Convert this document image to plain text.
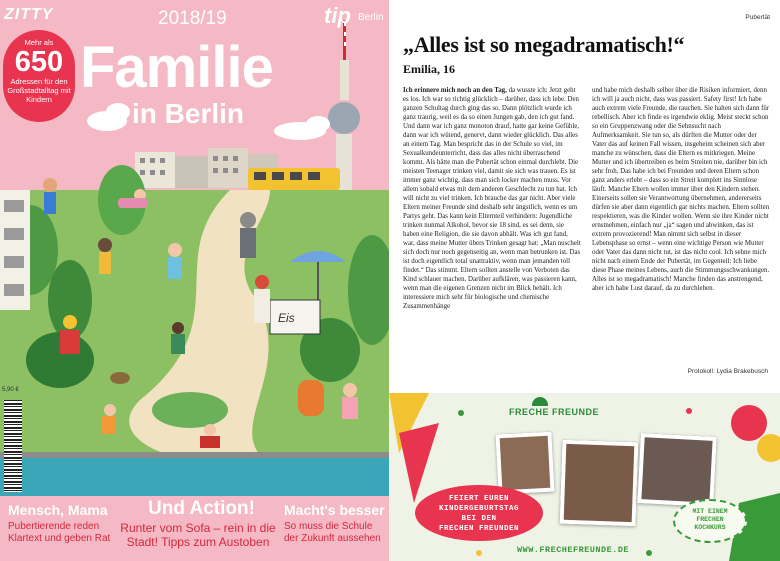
Eis
ZITTY	2018/19	tip Berlin
Mehr als
650
Adressen für den Großstadtalltag mit Kindern Familie
in Berlin
5,90 €
Mensch, Mama
Pubertierende reden Klartext und geben Rat
Und Action!
Runter vom Sofa – rein in die Stadt! Tipps zum Austoben
Macht's besser
So muss die Schule der Zukunft aussehen
Pubertät
„Alles ist so megadramatisch!“
Emilia, 16
Ich erinnere mich noch an den Tag, da wusste ich: Jetzt geht es los. Ich war so richtig glücklich – darüber, dass ich lebe. Den ganzen Schultag durch ging das so. Dann plötzlich wurde ich ganz traurig, weil es da so einen Jungen gab, den ich gut fand. Und dann war ich ganz monoton drauf, hatte gar keine Gefühle, dann war ich wütend, genervt, dann wieder glücklich. Das alles an einem Tag. Man bespricht das in der Schule so viel, im Sexualkundeunterricht, dass das alles nicht überraschend kommt. Als hätte man die Pubertät schon einmal durchlebt. Die meisten Teenager trinken viel, damit sie sich was trauen. Es ist immer ganz wichtig, dass man sich locker machen muss. Vor allem sobald etwas mit dem anderen Geschlecht zu tun hat. Ich will nicht zu viel trinken. Ich brauche das gar nicht. Aber viele Eltern meiner Freunde sind deshalb sehr ängstlich, wenn es um Partys geht. Das kann kein Elternteil verhindern: Jugendliche trinken nunmal Alkohol, bevor sie 18 sind, es sei denn, sie haben eine Religion, die sie davon abhält. Was ich gut fand, war, dass meine Mutter übers Trinken gesagt hat: „Man nuschelt sich doch nur noch gegenseitig an, wenn man betrunken ist. Das ist doch eigentlich total unattraktiv, wenn man jemanden toll findet.“ Das stimmt. Eltern sollten anstelle von Verboten das Kind schlauer machen. Darüber aufklären, was passieren kann, wenn man die eigenen Grenzen nicht im Blick behält. Ich interessiere mich sehr für biologische und chemische Zusammenhänge
und habe mich deshalb selber über die Risiken informiert, denn ich will ja auch nicht, dass was passiert. Safety first! Ich habe auch extrem viele Freunde, die rauchen. Sie halten sich dann für rebellisch. Aber ich finde es irgendwie eklig. Meist steckt schon so ein Gruppenzwang oder die Sehnsucht nach Aufmerksamkeit. Sie tun so, als dürften die Mutter oder der Vater das auf keinen Fall wissen, insgeheim scheinen sich aber manche zu wünschen, dass die Eltern es mitkriegen. Meine Mutter und ich übertreiben es beim Streiten nie, darüber bin ich sehr froh. Das habe ich bei Freunden und deren Eltern schon ganz anders erlebt – dass so ein Streit komplett ins Sinnlose läuft. Manche Eltern wollen immer über den Kindern stehen. Einerseits sollen sie Verantwortung übernehmen, andererseits dürfen sie aber dann eigentlich gar nichts machen. Eltern sollten respektieren, was die Kinder wollen. Wenn sie ihre Kinder nicht ernstnehmen, einfach nur „ja“ sagen und abwinken, das ist extrem provozierend! Man nimmt sich selbst in dieser Lebensphase so ernst – wenn eine wichtige Person wie Mutter oder Vater das dann nicht tut, ist das nicht cool. Ich sehne mich nicht nach einem Ende der Pubertät, im Gegenteil: Ich liebe diese Phase meines Lebens, auch die Stimmungsschwankungen. Alles ist so megadramatisch! Manche finden das anstrengend, aber ich habe Lust darauf, da zu durchleben.
Protokoll: Lydia Brakebusch
FRECHE FREUNDE
FEIERT EUREN
KINDERGEBURTSTAG
BEI DEN
FRECHEN FREUNDEN
MIT EINEM
FRECHEN
KOCHKURS
WWW.FRECHEFREUNDE.DE
